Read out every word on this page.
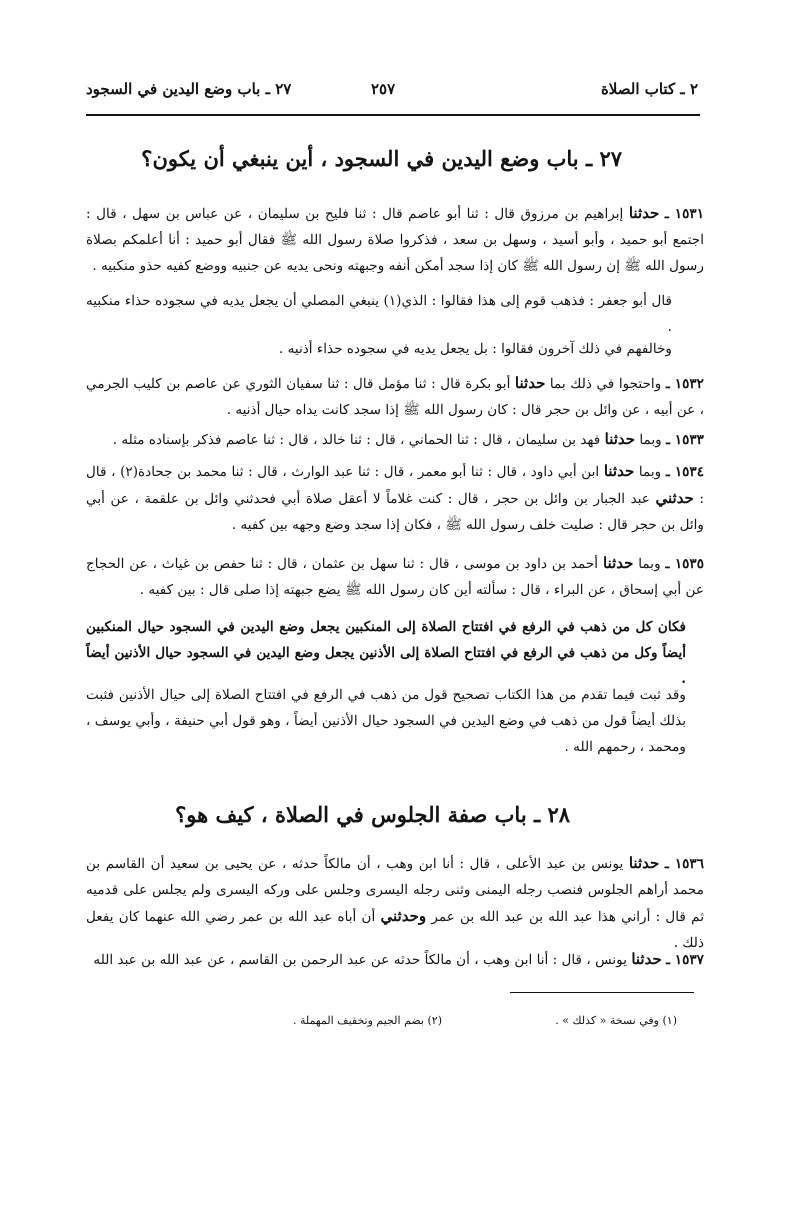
٢ ـ كتاب الصلاة
٢٥٧
٢٧ ـ باب وضع اليدين في السجود
٢٧ ـ باب وضع اليدين في السجود ، أين ينبغي أن يكون؟
١٥٣١ ـ حدثنا إبراهيم بن مرزوق قال : ثنا أبو عاصم قال : ثنا فليح بن سليمان ، عن عباس بن سهل ، قال : اجتمع أبو حميد ، وأبو أسيد ، وسهل بن سعد ، فذكروا صلاة رسول الله ﷺ فقال أبو حميد : أنا أعلمكم بصلاة رسول الله ﷺ إن رسول الله ﷺ كان إذا سجد أمكن أنفه وجبهته ونحى يديه عن جنبيه ووضع كفيه حذو منكبيه .
قال أبو جعفر : فذهب قوم إلى هذا فقالوا : الذي(١) ينبغي المصلي أن يجعل يديه في سجوده حذاء منكبيه .
وخالفهم في ذلك آخرون فقالوا : بل يجعل يديه في سجوده حذاء أذنيه .
١٥٣٢ ـ واحتجوا في ذلك بما حدثنا أبو بكرة قال : ثنا مؤمل قال : ثنا سفيان الثوري عن عاصم بن كليب الجرمي ، عن أبيه ، عن وائل بن حجر قال : كان رسول الله ﷺ إذا سجد كانت يداه حيال أذنيه .
١٥٣٣ ـ وبما حدثنا فهد بن سليمان ، قال : ثنا الحماني ، قال : ثنا خالد ، قال : ثنا عاصم فذكر بإسناده مثله .
١٥٣٤ ـ وبما حدثنا ابن أبي داود ، قال : ثنا أبو معمر ، قال : ثنا عبد الوارث ، قال : ثنا محمد بن جحادة(٢) ، قال : حدثني عبد الجبار بن وائل بن حجر ، قال : كنت غلاماً لا أعقل صلاة أبي فحدثني وائل بن علقمة ، عن أبي وائل بن حجر قال : صليت خلف رسول الله ﷺ ، فكان إذا سجد وضع وجهه بين كفيه .
١٥٣٥ ـ وبما حدثنا أحمد بن داود بن موسى ، قال : ثنا سهل بن عثمان ، قال : ثنا حفص بن غياث ، عن الحجاج عن أبي إسحاق ، عن البراء ، قال : سألته أين كان رسول الله ﷺ يضع جبهته إذا صلى قال : بين كفيه .
فكان كل من ذهب في الرفع في افتتاح الصلاة إلى المنكبين يجعل وضع اليدين في السجود حيال المنكبين أيضاً وكل من ذهب في الرفع في افتتاح الصلاة إلى الأذنين يجعل وضع اليدين في السجود حيال الأذنين أيضاً .
وقد ثبت فيما تقدم من هذا الكتاب تصحيح قول من ذهب في الرفع في افتتاح الصلاة إلى حيال الأذنين فثبت بذلك أيضاً قول من ذهب في وضع اليدين في السجود حيال الأذنين أيضاً ، وهو قول أبي حنيفة ، وأبي يوسف ، ومحمد ، رحمهم الله .
٢٨ ـ باب صفة الجلوس في الصلاة ، كيف هو؟
١٥٣٦ ـ حدثنا يونس بن عبد الأعلى ، قال : أنا ابن وهب ، أن مالكاً حدثه ، عن يحيى بن سعيد أن القاسم بن محمد أراهم الجلوس فنصب رجله اليمنى وثنى رجله اليسرى وجلس على وركه اليسرى ولم يجلس على قدميه ثم قال : أراني هذا عبد الله بن عبد الله بن عمر وحدثني أن أباه عبد الله بن عمر رضي الله عنهما كان يفعل ذلك .
١٥٣٧ ـ حدثنا يونس ، قال : أنا ابن وهب ، أن مالكاً حدثه عن عبد الرحمن بن القاسم ، عن عبد الله بن عبد الله
(١) وفي نسخة « كذلك » .
(٢) بضم الجيم وتخفيف المهملة .
